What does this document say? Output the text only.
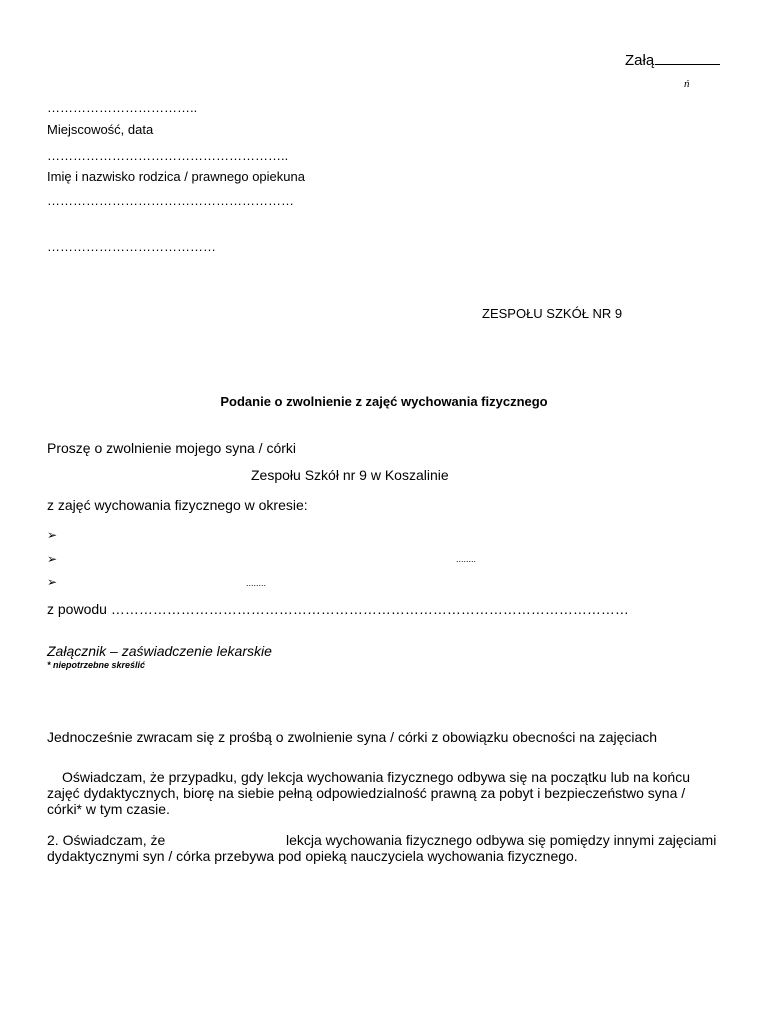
Załą
ń
……………………………..
Miejscowość, data
………………………………………………..
Imię i nazwisko rodzica / prawnego opiekuna
…………………………………………………
…………………………………
ZESPOŁU SZKÓŁ NR 9
Podanie o zwolnienie z zajęć wychowania fizycznego
Proszę o zwolnienie mojego syna / córki
Zespołu Szkół nr 9 w Koszalinie
z zajęć wychowania fizycznego w okresie:
➢
➢	........
➢	........
z powodu …………………………………………………………………………………………………
Załącznik – zaświadczenie lekarskie
* niepotrzebne skreślić
Jednocześnie zwracam się z prośbą o zwolnienie syna / córki z obowiązku obecności na zajęciach
Oświadczam, że przypadku, gdy lekcja wychowania fizycznego odbywa się na początku lub na końcu zajęć dydaktycznych, biorę na siebie pełną odpowiedzialność prawną za pobyt i bezpieczeństwo syna / córki* w tym czasie.
2. Oświadczam, że	lekcja wychowania fizycznego odbywa się pomiędzy innymi zajęciami
dydaktycznymi syn / córka przebywa pod opieką nauczyciela wychowania fizycznego.
